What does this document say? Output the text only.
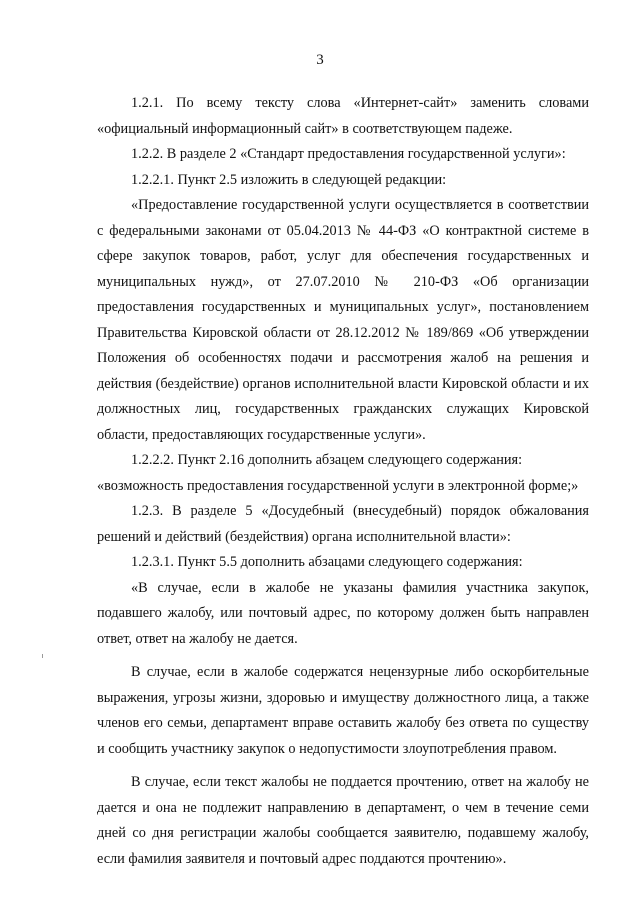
3

1.2.1. По всему тексту слова «Интернет-сайт» заменить словами «официальный информационный сайт» в соответствующем падеже.

1.2.2. В разделе 2 «Стандарт предоставления государственной услуги»:

1.2.2.1. Пункт 2.5 изложить в следующей редакции:

«Предоставление государственной услуги осуществляется в соответствии с федеральными законами от 05.04.2013 № 44-ФЗ «О контрактной системе в сфере закупок товаров, работ, услуг для обеспечения государственных и муниципальных нужд», от 27.07.2010 № 210-ФЗ «Об организации предоставления государственных и муниципальных услуг», постановлением Правительства Кировской области от 28.12.2012 № 189/869 «Об утверждении Положения об особенностях подачи и рассмотрения жалоб на решения и действия (бездействие) органов исполнительной власти Кировской области и их должностных лиц, государственных гражданских служащих Кировской области, предоставляющих государственные услуги».

1.2.2.2. Пункт 2.16 дополнить абзацем следующего содержания:

«возможность предоставления государственной услуги в электронной форме;»

1.2.3. В разделе 5 «Досудебный (внесудебный) порядок обжалования решений и действий (бездействия) органа исполнительной власти»:

1.2.3.1. Пункт 5.5 дополнить абзацами следующего содержания:

«В случае, если в жалобе не указаны фамилия участника закупок, подавшего жалобу, или почтовый адрес, по которому должен быть направлен ответ, ответ на жалобу не дается.

В случае, если в жалобе содержатся нецензурные либо оскорбительные выражения, угрозы жизни, здоровью и имуществу должностного лица, а также членов его семьи, департамент вправе оставить жалобу без ответа по существу и сообщить участнику закупок о недопустимости злоупотребления правом.

В случае, если текст жалобы не поддается прочтению, ответ на жалобу не дается и она не подлежит направлению в департамент, о чем в течение семи дней со дня регистрации жалобы сообщается заявителю, подавшему жалобу, если фамилия заявителя и почтовый адрес поддаются прочтению».
